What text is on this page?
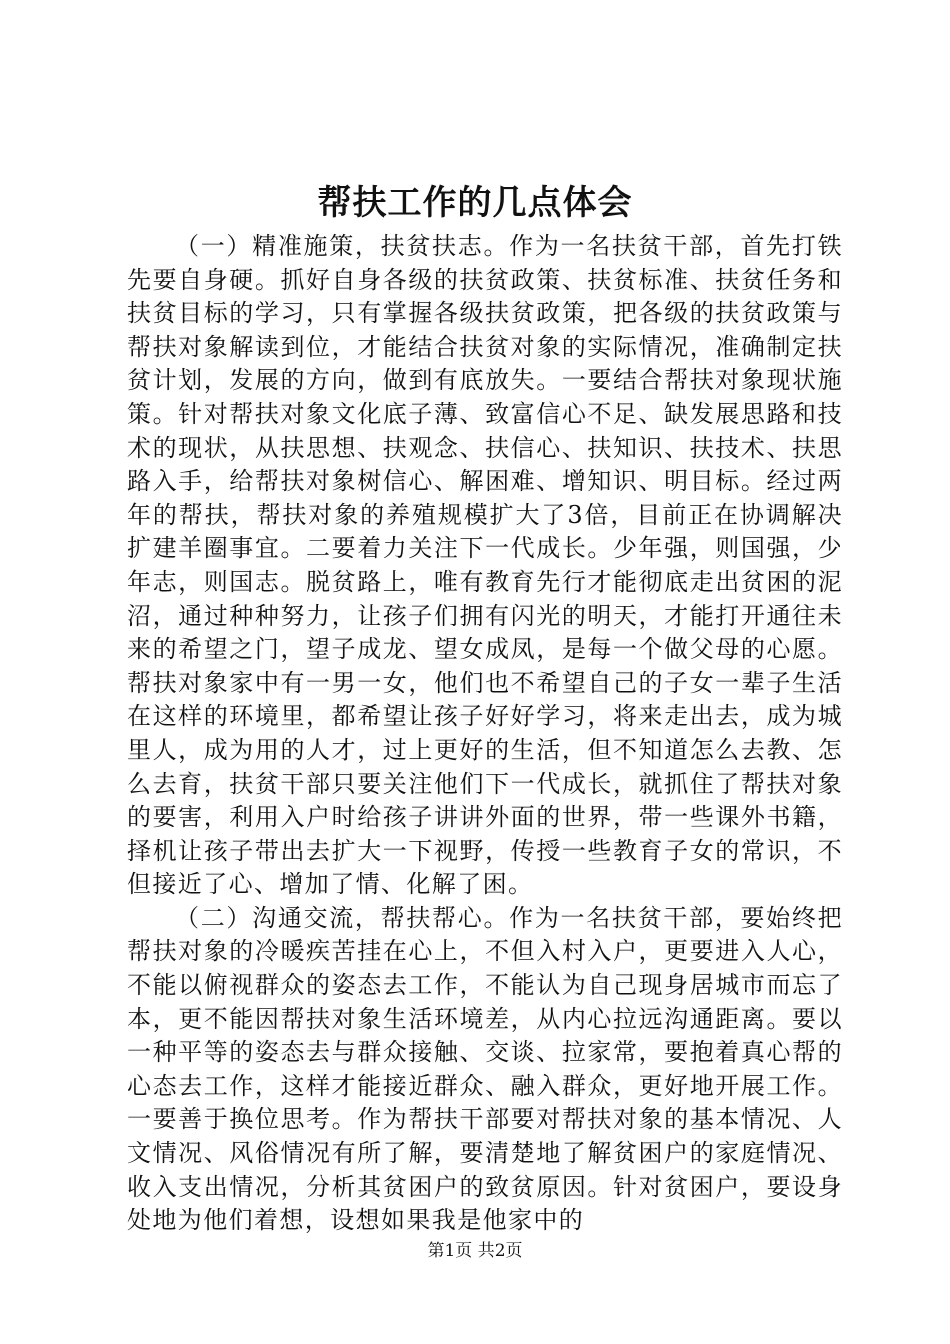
帮扶工作的几点体会

（一）精准施策，扶贫扶志。作为一名扶贫干部，首先打铁先要自身硬。抓好自身各级的扶贫政策、扶贫标准、扶贫任务和扶贫目标的学习，只有掌握各级扶贫政策，把各级的扶贫政策与帮扶对象解读到位，才能结合扶贫对象的实际情况，准确制定扶贫计划，发展的方向，做到有底放失。一要结合帮扶对象现状施策。针对帮扶对象文化底子薄、致富信心不足、缺发展思路和技术的现状，从扶思想、扶观念、扶信心、扶知识、扶技术、扶思路入手，给帮扶对象树信心、解困难、增知识、明目标。经过两年的帮扶，帮扶对象的养殖规模扩大了3倍，目前正在协调解决扩建羊圈事宜。二要着力关注下一代成长。少年强，则国强，少年志，则国志。脱贫路上，唯有教育先行才能彻底走出贫困的泥沼，通过种种努力，让孩子们拥有闪光的明天，才能打开通往未来的希望之门，望子成龙、望女成凤，是每一个做父母的心愿。帮扶对象家中有一男一女，他们也不希望自己的子女一辈子生活在这样的环境里，都希望让孩子好好学习，将来走出去，成为城里人，成为用的人才，过上更好的生活，但不知道怎么去教、怎么去育，扶贫干部只要关注他们下一代成长，就抓住了帮扶对象的要害，利用入户时给孩子讲讲外面的世界，带一些课外书籍，择机让孩子带出去扩大一下视野，传授一些教育子女的常识，不但接近了心、增加了情、化解了困。

（二）沟通交流，帮扶帮心。作为一名扶贫干部，要始终把帮扶对象的冷暖疾苦挂在心上，不但入村入户，更要进入人心，不能以俯视群众的姿态去工作，不能认为自己现身居城市而忘了本，更不能因帮扶对象生活环境差，从内心拉远沟通距离。要以一种平等的姿态去与群众接触、交谈、拉家常，要抱着真心帮的心态去工作，这样才能接近群众、融入群众，更好地开展工作。一要善于换位思考。作为帮扶干部要对帮扶对象的基本情况、人文情况、风俗情况有所了解，要清楚地了解贫困户的家庭情况、收入支出情况，分析其贫困户的致贫原因。针对贫困户，要设身处地为他们着想，设想如果我是他家中的

第1页 共2页
